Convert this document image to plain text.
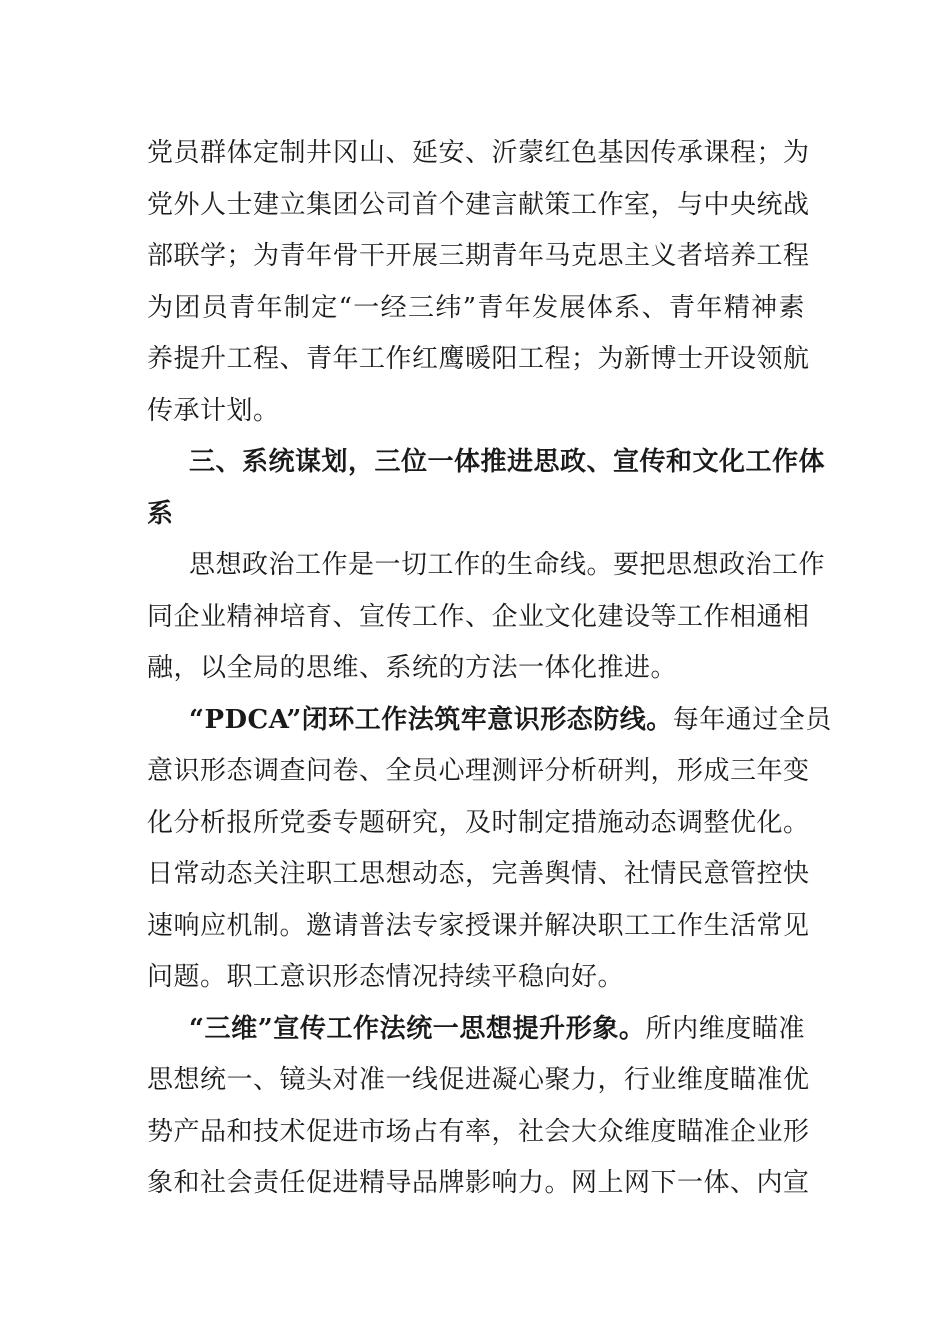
党员群体定制井冈山、延安、沂蒙红色基因传承课程；为
党外人士建立集团公司首个建言献策工作室，与中央统战
部联学；为青年骨干开展三期青年马克思主义者培养工程
为团员青年制定“一经三纬”青年发展体系、青年精神素
养提升工程、青年工作红鹰暖阳工程；为新博士开设领航
传承计划。
三、系统谋划，三位一体推进思政、宣传和文化工作体
系
思想政治工作是一切工作的生命线。要把思想政治工作
同企业精神培育、宣传工作、企业文化建设等工作相通相
融，以全局的思维、系统的方法一体化推进。
“PDCA”闭环工作法筑牢意识形态防线。每年通过全员
意识形态调查问卷、全员心理测评分析研判，形成三年变
化分析报所党委专题研究，及时制定措施动态调整优化。
日常动态关注职工思想动态，完善舆情、社情民意管控快
速响应机制。邀请普法专家授课并解决职工工作生活常见
问题。职工意识形态情况持续平稳向好。
“三维”宣传工作法统一思想提升形象。所内维度瞄准
思想统一、镜头对准一线促进凝心聚力，行业维度瞄准优
势产品和技术促进市场占有率，社会大众维度瞄准企业形
象和社会责任促进精导品牌影响力。网上网下一体、内宣
